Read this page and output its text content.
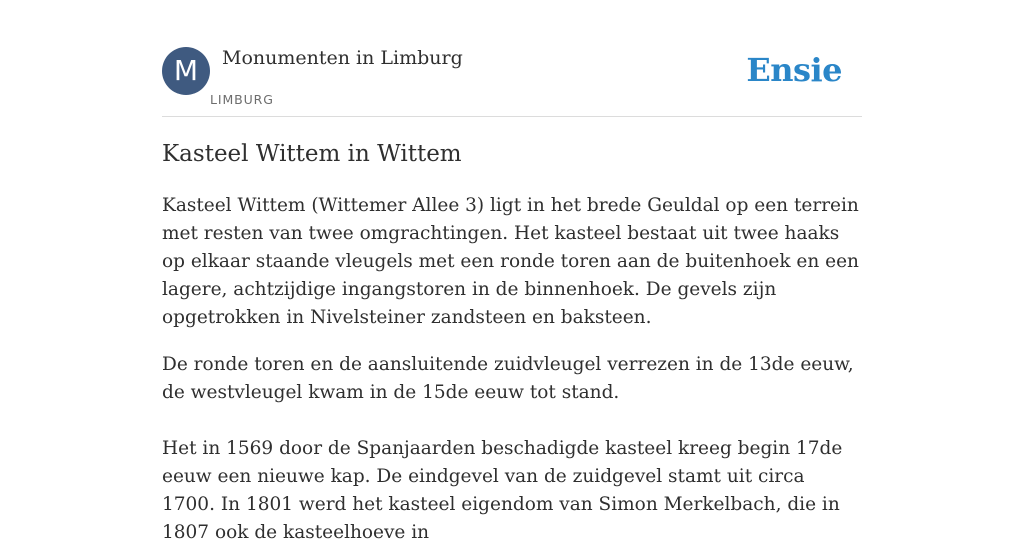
M	Monumenten in Limburg
LIMBURG
Ensie
Kasteel Wittem in Wittem

Kasteel Wittem (Wittemer Allee 3) ligt in het brede Geuldal op een terrein met resten van twee omgrachtingen. Het kasteel bestaat uit twee haaks op elkaar staande vleugels met een ronde toren aan de buitenhoek en een lagere, achtzijdige ingangstoren in de binnenhoek. De gevels zijn opgetrokken in Nivelsteiner zandsteen en baksteen.

De ronde toren en de aansluitende zuidvleugel verrezen in de 13de eeuw, de westvleugel kwam in de 15de eeuw tot stand.

Het in 1569 door de Spanjaarden beschadigde kasteel kreeg begin 17de eeuw een nieuwe kap. De eindgevel van de zuidgevel stamt uit circa 1700. In 1801 werd het kasteel eigendom van Simon Merkelbach, die in 1807 ook de kasteelhoeve in
